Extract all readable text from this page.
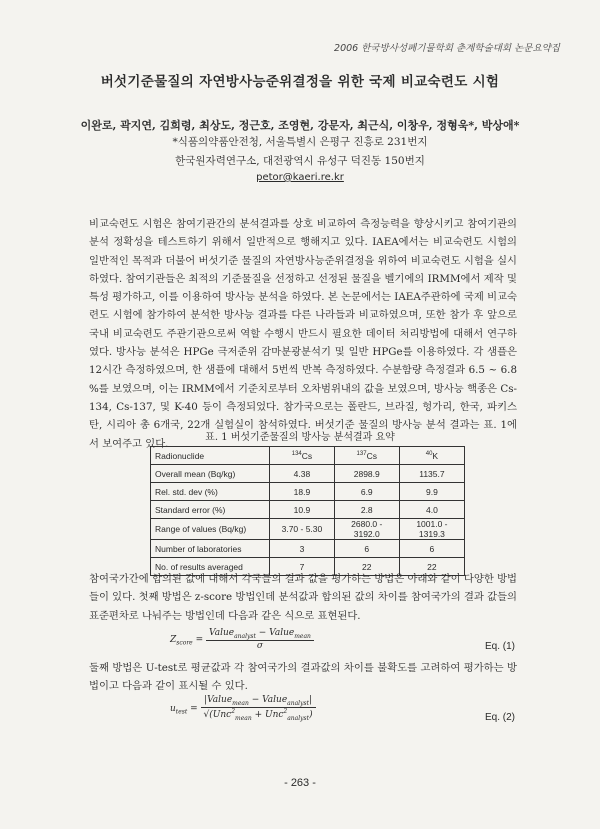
2006 한국방사성폐기물학회 춘계학술대회 논문요약집
버섯기준물질의 자연방사능준위결정을 위한 국제 비교숙련도 시험
이완로, 곽지연, 김희령, 최상도, 정근호, 조영현, 강문자, 최근식, 이창우, 정형욱*, 박상애*
*식품의약품안전청, 서울특별시 은평구 진흥로 231번지
한국원자력연구소, 대전광역시 유성구 덕진동 150번지
petor@kaeri.re.kr
비교숙련도 시험은 참여기관간의 분석결과를 상호 비교하여 측정능력을 향상시키고 참여기관의 분석 정확성을 테스트하기 위해서 일반적으로 행해지고 있다. IAEA에서는 비교숙련도 시험의 일반적인 목적과 더불어 버섯기준 물질의 자연방사능준위결정을 위하여 비교숙련도 시험을 실시하였다. 참여기관들은 최적의 기준물질을 선정하고 선정된 물질을 벨기에의 IRMM에서 제작 및 특성 평가하고, 이를 이용하여 방사능 분석을 하였다. 본 논문에서는 IAEA주관하에 국제 비교숙련도 시험에 참가하여 분석한 방사능 결과를 다른 나라들과 비교하였으며, 또한 참가 후 앞으로 국내 비교숙련도 주관기관으로써 역할 수행시 반드시 필요한 데이터 처리방법에 대해서 연구하였다. 방사능 분석은 HPGe 극저준위 감마분광분석기 및 일반 HPGe를 이용하였다. 각 샘플은 12시간 측정하였으며, 한 샘플에 대해서 5번씩 반복 측정하였다. 수분함량 측정결과 6.5 ~ 6.8 %를 보였으며, 이는 IRMM에서 기준치로부터 오차범위내의 값을 보였으며, 방사능 핵종은 Cs-134, Cs-137, 및 K-40 등이 측정되었다. 참가국으로는 폴란드, 브라질, 헝가리, 한국, 파키스탄, 시리아 총 6개국, 22개 실험실이 참석하였다. 버섯기준 물질의 방사능 분석 결과는 표. 1에서 보여주고 있다.
표. 1 버섯기준물질의 방사능 분석결과 요약
Radionuclide	$^{134}$Cs	$^{137}$Cs	$^{40}$K
Overall mean (Bq/kg)	4.38	2898.9	1135.7
Rel. std. dev (%)	18.9	6.9	9.9
Standard error (%)	10.9	2.8	4.0
Range of values (Bq/kg)	3.70 - 5.30	2680.0 - 3192.0	1001.0 - 1319.3
Number of laboratories	3	6	6
No. of results averaged	7	22	22
참여국가간에 합의된 값에 대해서 각국들의 결과 값을 평가하는 방법은 아래와 같이 다양한 방법들이 있다. 첫째 방법은 z-score 방법인데 분석값과 합의된 값의 차이를 참여국가의 결과 값들의 표준편차로 나눠주는 방법인데 다음과 같은 식으로 표현된다.
$Z_{score} = \frac{Value_{analyst} - Value_{mean}}{\sigma}$	Eq. (1)
둘째 방법은 U-test로 평균값과 각 참여국가의 결과값의 차이를 불확도를 고려하여 평가하는 방법이고 다음과 같이 표시될 수 있다.
$u_{test} = \frac{|Value_{mean} - Value_{analyst}|}{√(Unc^2_{mean} + Unc^2_{analyst})}$	Eq. (2)
- 263 -
